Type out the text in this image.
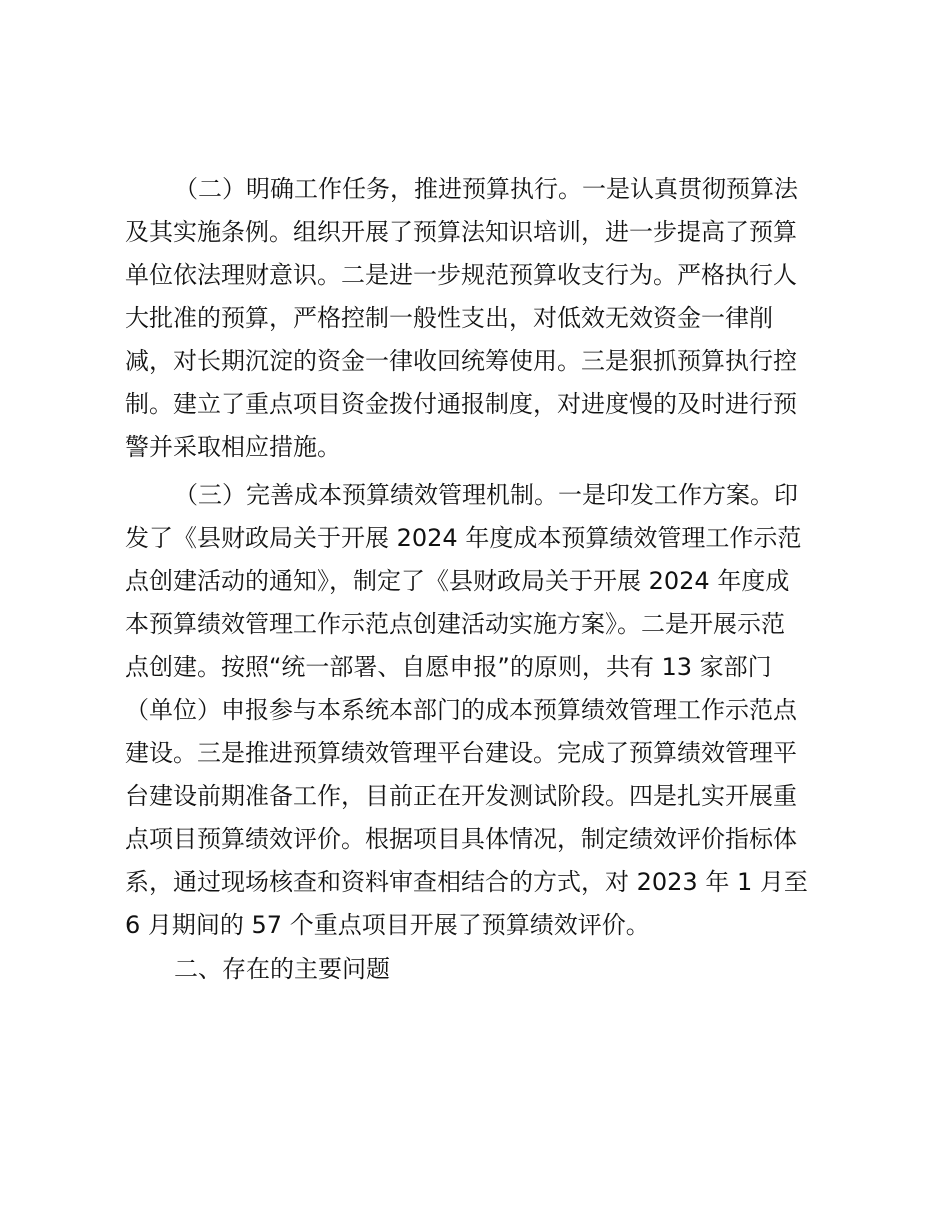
（二）明确工作任务，推进预算执行。一是认真贯彻预算法
及其实施条例。组织开展了预算法知识培训，进一步提高了预算
单位依法理财意识。二是进一步规范预算收支行为。严格执行人
大批准的预算，严格控制一般性支出，对低效无效资金一律削
减，对长期沉淀的资金一律收回统筹使用。三是狠抓预算执行控
制。建立了重点项目资金拨付通报制度，对进度慢的及时进行预
警并采取相应措施。
（三）完善成本预算绩效管理机制。一是印发工作方案。印
发了《县财政局关于开展 2024 年度成本预算绩效管理工作示范
点创建活动的通知》，制定了《县财政局关于开展 2024 年度成
本预算绩效管理工作示范点创建活动实施方案》。二是开展示范
点创建。按照“统一部署、自愿申报”的原则，共有 13 家部门
（单位）申报参与本系统本部门的成本预算绩效管理工作示范点
建设。三是推进预算绩效管理平台建设。完成了预算绩效管理平
台建设前期准备工作，目前正在开发测试阶段。四是扎实开展重
点项目预算绩效评价。根据项目具体情况，制定绩效评价指标体
系，通过现场核查和资料审查相结合的方式，对 2023 年 1 月至
6 月期间的 57 个重点项目开展了预算绩效评价。
二、存在的主要问题
